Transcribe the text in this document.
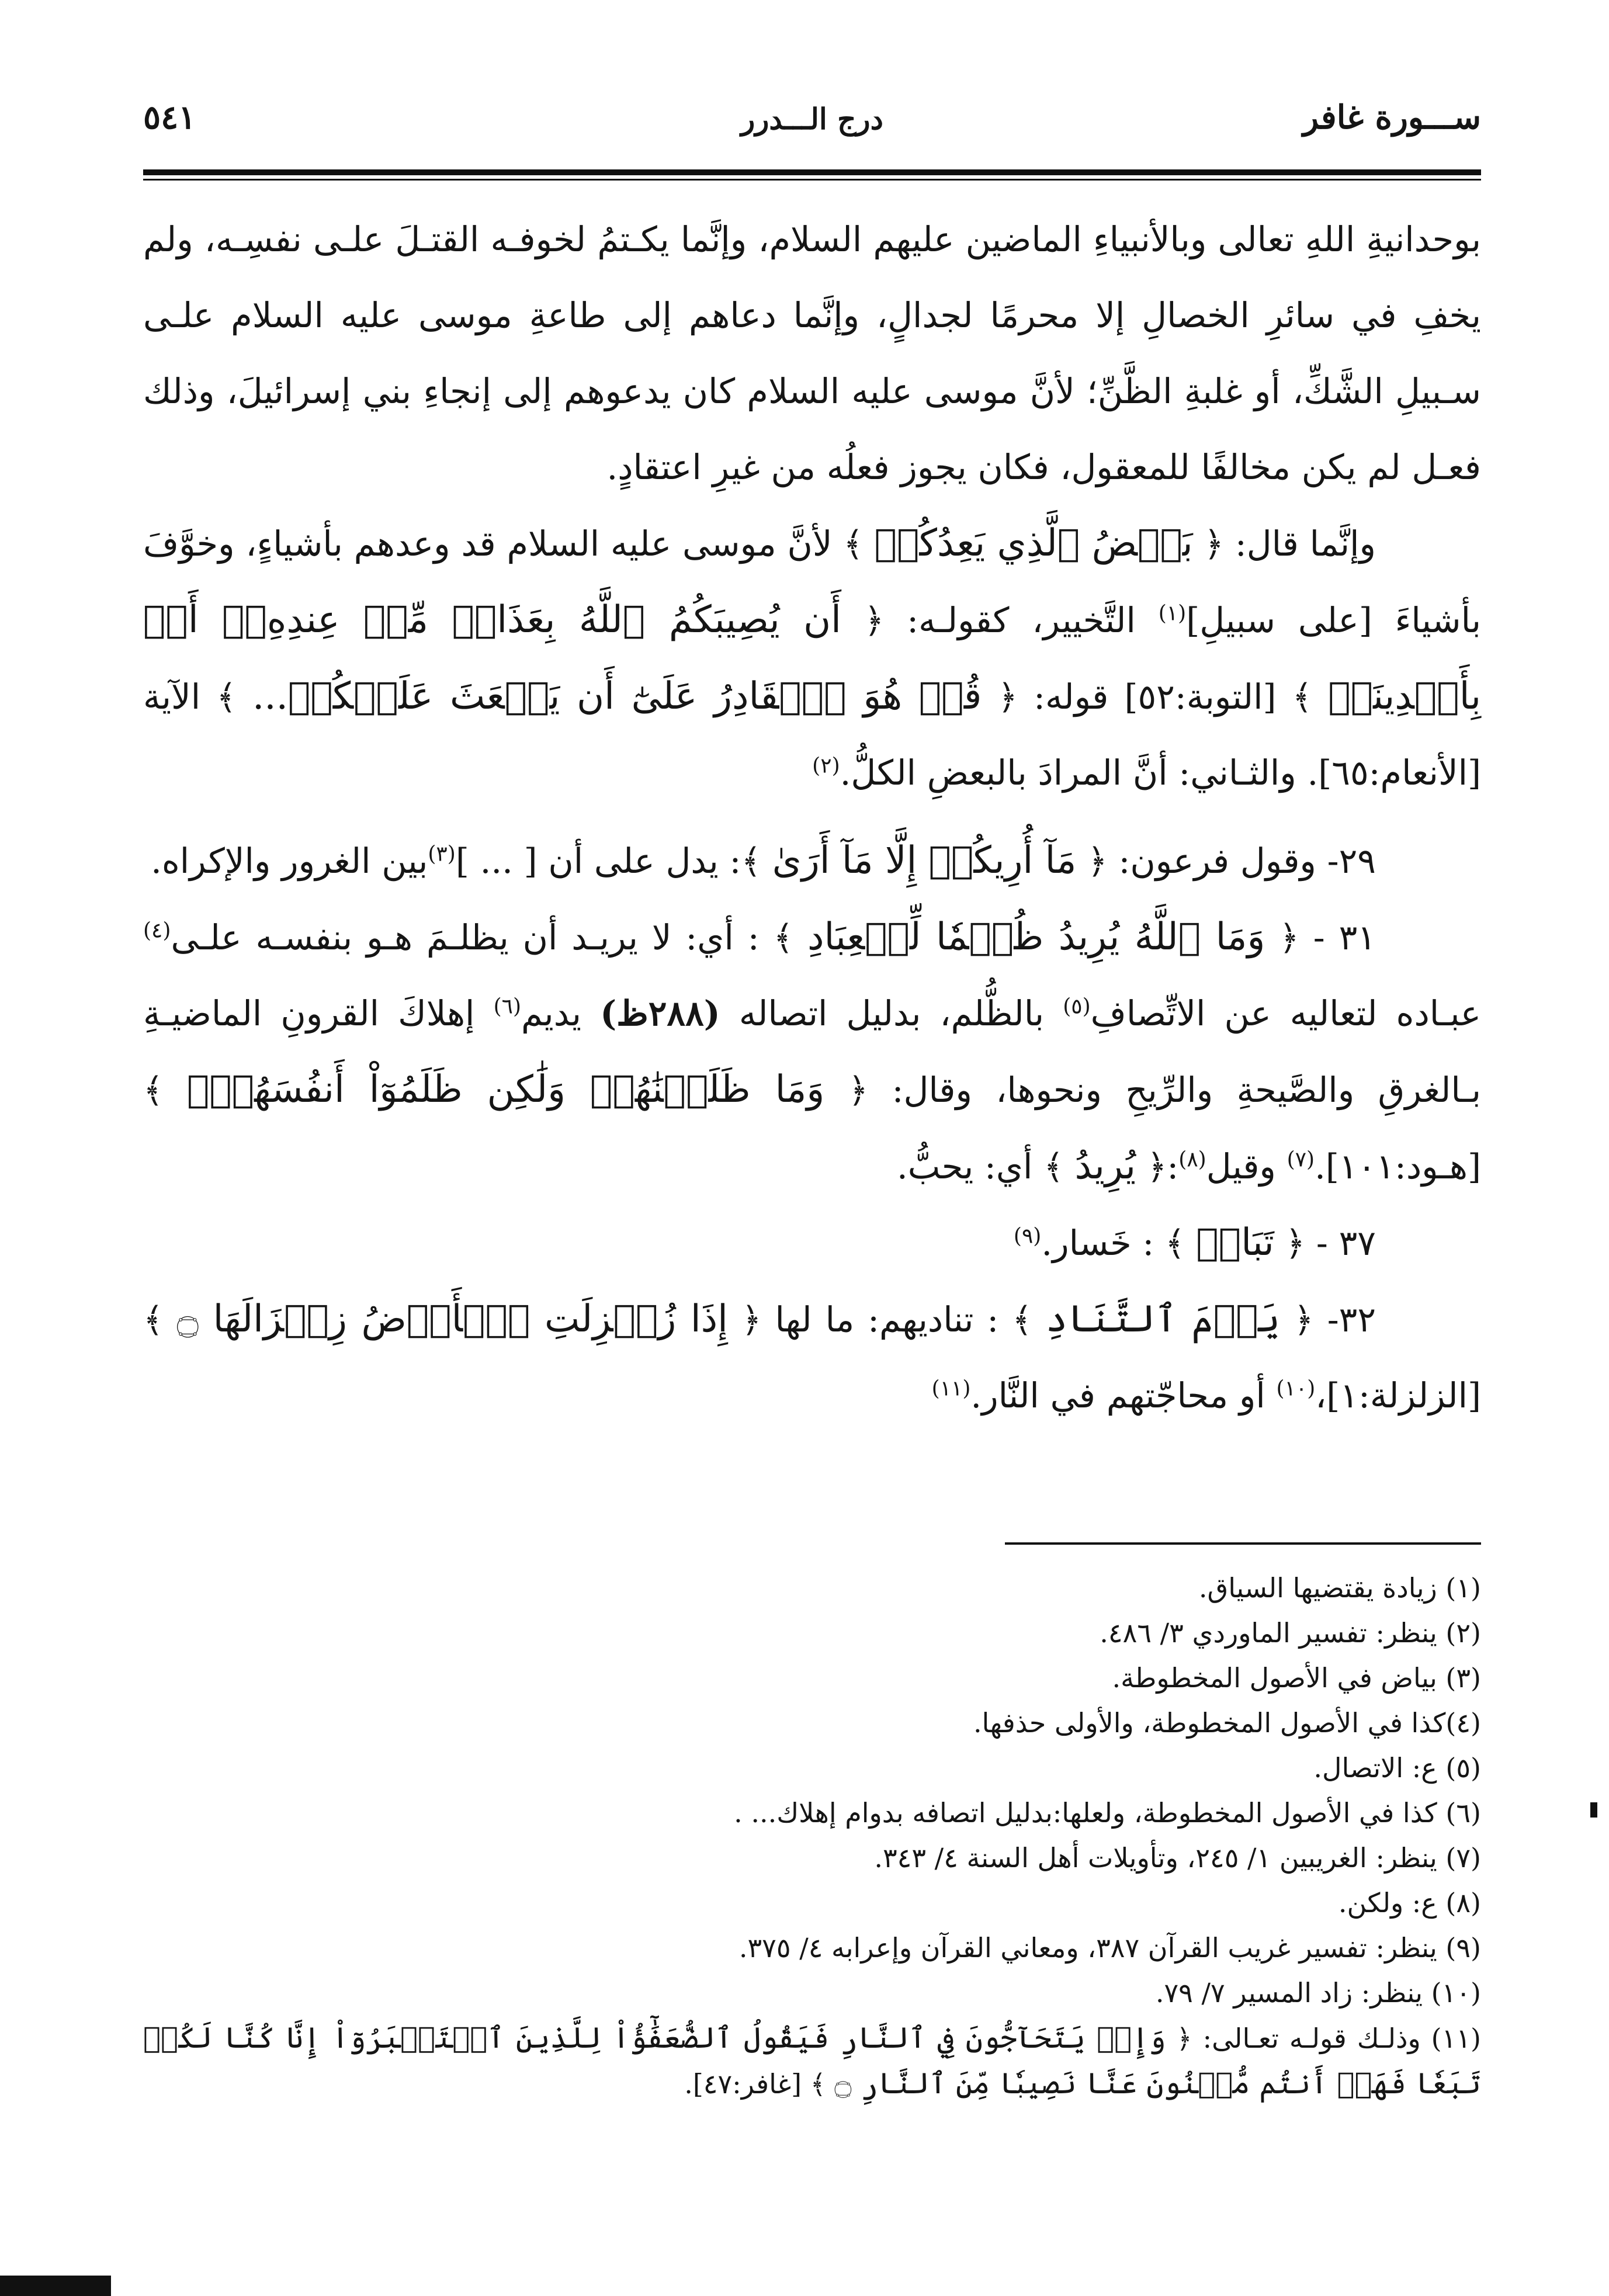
ســـورة غافر
درج الـــدرر
٥٤١

بوحدانيةِ اللهِ تعالى وبالأنبياءِ الماضين عليهم السلام، وإنَّما يكـتمُ لخوفـه القتـلَ علـى نفسِـه، ولم يخفِ في سائرِ الخصالِ إلا محرمًا لجدالٍ، وإنَّما دعاهم إلى طاعةِ موسى عليه السلام علـى سـبيلِ الشَّكِّ، أو غلبةِ الظَّنِّ؛ لأنَّ موسى عليه السلام كان يدعوهم إلى إنجاءِ بني إسرائيلَ، وذلك فعـل لم يكن مخالفًا للمعقول، فكان يجوز فعلُه من غيرِ اعتقادٍ.

وإنَّما قال: ﴿ بَعۡضُ ٱلَّذِي يَعِدُكُمۡ ﴾ لأنَّ موسى عليه السلام قد وعدهم بأشياءٍ، وخوَّفَ بأشياءَ [على سبيلِ]$^{(١)}$ التَّخيير، كقولـه: ﴿ أَن يُصِيبَكُمُ ٱللَّهُ بِعَذَابٖ مِّنۡ عِندِهِۦٓ أَوۡ بِأَيۡدِينَاۖ ﴾ [التوبة:٥٢] قوله: ﴿ قُلۡ هُوَ ٱلۡقَادِرُ عَلَىٰٓ أَن يَبۡعَثَ عَلَيۡكُمۡ... ﴾ الآية [الأنعام:٦٥]. والثـاني: أنَّ المرادَ بالبعضِ الكلُّ.$^{(٢)}$

٢٩- وقول فرعون: ﴿ مَآ أُرِيكُمۡ إِلَّا مَآ أَرَىٰ ﴾: يدل على أن [ ... ]$^{(٣)}$بين الغرور والإكراه.

٣١ - ﴿ وَمَا ٱللَّهُ يُرِيدُ ظُلۡمٗا لِّلۡعِبَادِ ﴾ : أي: لا يريـد أن يظلـمَ هـو بنفسـه علـى$^{(٤)}$ عبـاده لتعاليه عن الاتِّصافِ$^{(٥)}$ بالظُّلم، بدليل اتصاله (٢٨٨ظ) يديم$^{(٦)}$ إهلاكَ القرونِ الماضيـةِ بـالغرقِ والصَّيحةِ والرِّيحِ ونحوها، وقال: ﴿ وَمَا ظَلَمۡنَٰهُمۡ وَلَٰكِن ظَلَمُوٓاْ أَنفُسَهُمۡۖ ﴾ [هـود:١٠١].$^{(٧)}$ وقيل$^{(٨)}$:﴿ يُرِيدُ ﴾ أي: يحبُّ.

٣٧ - ﴿ تَبَابٖ ﴾ : خَسار.$^{(٩)}$

٣٢- ﴿ يَوۡمَ ٱلتَّنَادِ ﴾ : تناديهم: ما لها ﴿ إِذَا زُلۡزِلَتِ ٱلۡأَرۡضُ زِلۡزَالَهَا ۝ ﴾[الزلزلة:١]،$^{(١٠)}$ أو محاجّتهم في النَّار.$^{(١١)}$

(١) زيادة يقتضيها السياق.

(٢) ينظر: تفسير الماوردي ٣/ ٤٨٦.

(٣) بياض في الأصول المخطوطة.

(٤)كذا في الأصول المخطوطة، والأولى حذفها.

(٥) ع: الاتصال.

(٦) كذا في الأصول المخطوطة، ولعلها:بدليل اتصافه بدوام إهلاك... .

(٧) ينظر: الغريبين ١/ ٢٤٥، وتأويلات أهل السنة ٤/ ٣٤٣.

(٨) ع: ولكن.

(٩) ينظر: تفسير غريب القرآن ٣٨٧، ومعاني القرآن وإعرابه ٤/ ٣٧٥.

(١٠) ينظر: زاد المسير ٧/ ٧٩.

(١١) وذلـك قولـه تعـالى: ﴿ وَإِذۡ يَتَحَآجُّونَ فِي ٱلنَّارِ فَيَقُولُ ٱلضُّعَفَٰٓؤُاْ لِلَّذِينَ ٱسۡتَكۡبَرُوٓاْ إِنَّا كُنَّا لَكُمۡ تَبَعٗا فَهَلۡ أَنتُم مُّغۡنُونَ عَنَّا نَصِيبٗا مِّنَ ٱلنَّارِ ۝ ﴾ [غافر:٤٧].
